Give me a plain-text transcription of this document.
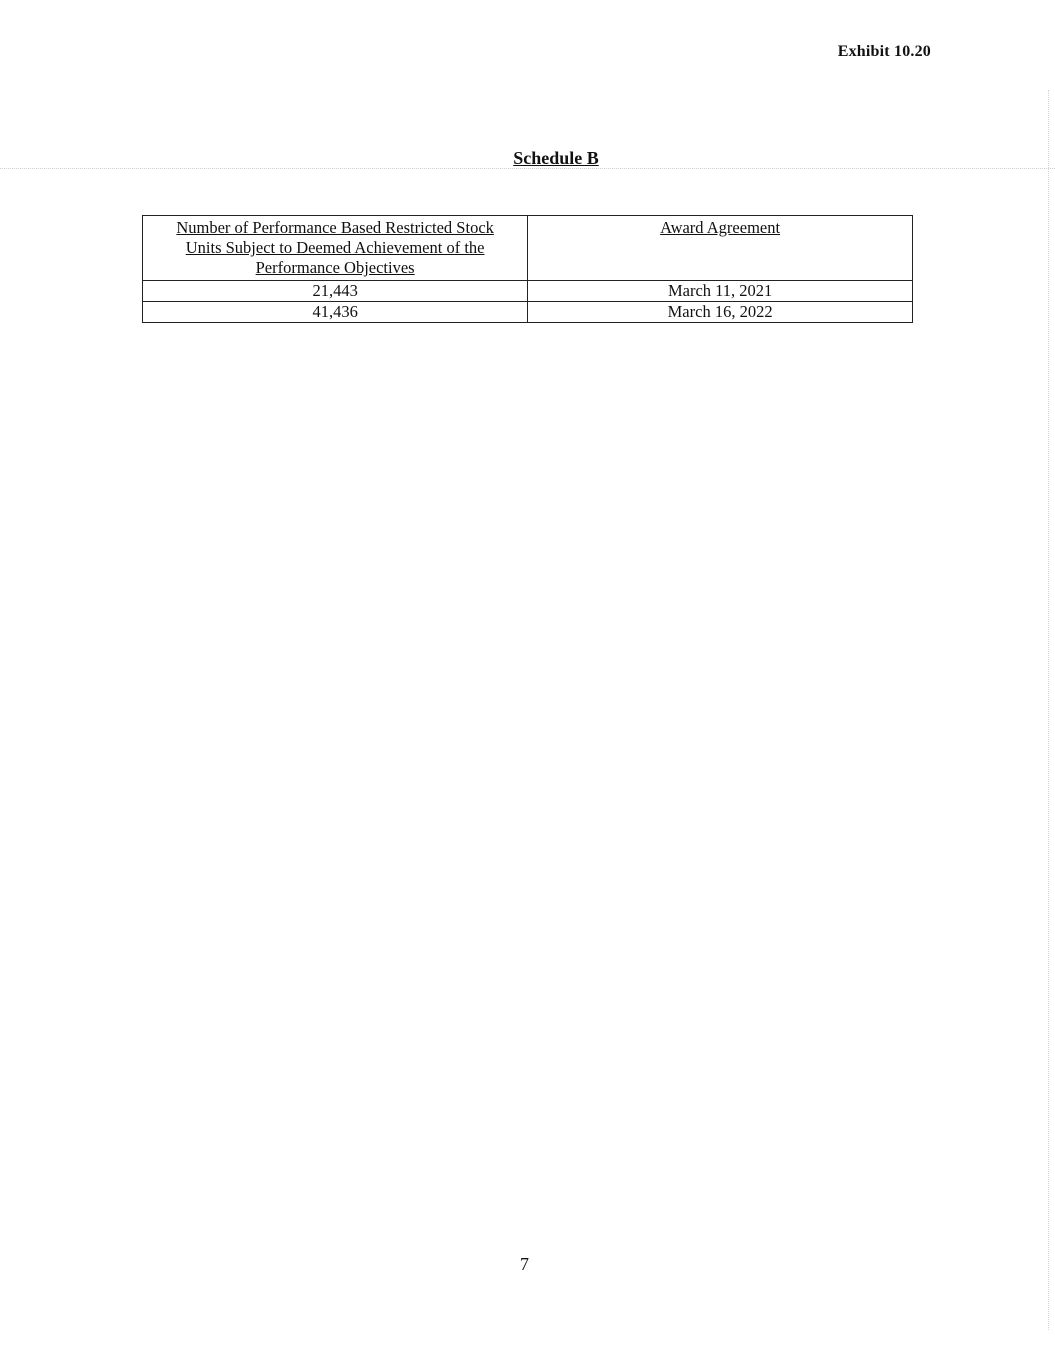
Exhibit 10.20
Schedule B
Number of Performance Based Restricted Stock Units Subject to Deemed Achievement of the Performance Objectives	Award Agreement
21,443	March 11, 2021
41,436	March 16, 2022
7
